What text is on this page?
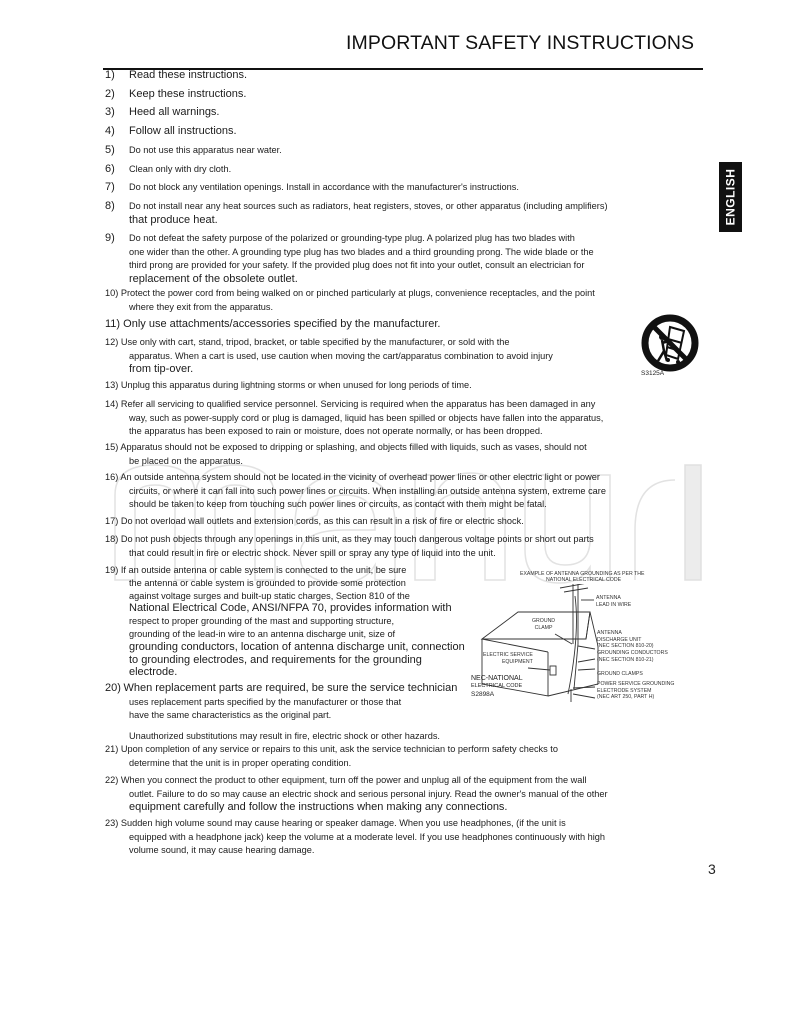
IMPORTANT SAFETY INSTRUCTIONS
ENGLISH
1) Read these instructions.
2) Keep these instructions.
3) Heed all warnings.
4) Follow all instructions.
5) Do not use this apparatus near water.
6) Clean only with dry cloth.
7) Do not block any ventilation openings. Install in accordance with the manufacturer's instructions.
8) Do not install near any heat sources such as radiators, heat registers, stoves, or other apparatus (including amplifiers)
that produce heat.
9) Do not defeat the safety purpose of the polarized or grounding-type plug. A polarized plug has two blades with
one wider than the other. A grounding type plug has two blades and a third grounding prong. The wide blade or the
third prong are provided for your safety. If the provided plug does not fit into your outlet, consult an electrician for
replacement of the obsolete outlet.
10) Protect the power cord from being walked on or pinched particularly at plugs, convenience receptacles, and the point
where they exit from the apparatus.
11) Only use attachments/accessories specified by the manufacturer.
12) Use only with cart, stand, tripod, bracket, or table specified by the manufacturer, or sold with the
apparatus. When a cart is used, use caution when moving the cart/apparatus combination to avoid injury
from tip-over.
13) Unplug this apparatus during lightning storms or when unused for long periods of time.
14) Refer all servicing to qualified service personnel. Servicing is required when the apparatus has been damaged in any
way, such as power-supply cord or plug is damaged, liquid has been spilled or objects have fallen into the apparatus,
the apparatus has been exposed to rain or moisture, does not operate normally, or has been dropped.
15) Apparatus should not be exposed to dripping or splashing, and objects filled with liquids, such as vases, should not
be placed on the apparatus.
16) An outside antenna system should not be located in the vicinity of overhead power lines or other electric light or power
circuits, or where it can fall into such power lines or circuits. When installing an outside antenna system, extreme care
should be taken to keep from touching such power lines or circuits, as contact with them might be fatal.
17) Do not overload wall outlets and extension cords, as this can result in a risk of fire or electric shock.
18) Do not push objects through any openings in this unit, as they may touch dangerous voltage points or short out parts
that could result in fire or electric shock. Never spill or spray any type of liquid into the unit.
19) If an outside antenna or cable system is connected to the unit, be sure
the antenna or cable system is grounded to provide some protection
against voltage surges and built-up static charges, Section 810 of the
National Electrical Code, ANSI/NFPA 70, provides information with
respect to proper grounding of the mast and supporting structure,
grounding of the lead-in wire to an antenna discharge unit, size of
grounding conductors, location of antenna discharge unit, connection
to grounding electrodes, and requirements for the grounding
electrode.
20) When replacement parts are required, be sure the service technician
uses replacement parts specified by the manufacturer or those that
have the same characteristics as the original part.
Unauthorized substitutions may result in fire, electric shock or other hazards.
21) Upon completion of any service or repairs to this unit, ask the service technician to perform safety checks to
determine that the unit is in proper operating condition.
22) When you connect the product to other equipment, turn off the power and unplug all of the equipment from the wall
outlet. Failure to do so may cause an electric shock and serious personal injury. Read the owner's manual of the other
equipment carefully and follow the instructions when making any connections.
23) Sudden high volume sound may cause hearing or speaker damage. When you use headphones, (if the unit is
equipped with a headphone jack) keep the volume at a moderate level. If you use headphones continuously with high
volume sound, it may cause hearing damage.
S3125A
EXAMPLE OF ANTENNA GROUNDING AS PER THE
NATIONAL ELECTRICAL CODE
ANTENNA
LEAD IN WIRE
GROUND
CLAMP
ANTENNA
DISCHARGE UNIT
(NEC SECTION 810-20)
GROUNDING CONDUCTORS
(NEC SECTION 810-21)
ELECTRIC SERVICE
EQUIPMENT
GROUND CLAMPS
POWER SERVICE GROUNDING
ELECTRODE SYSTEM
(NEC ART 250, PART H)
NEC-NATIONAL
ELECTRICAL CODE
S2898A
3
